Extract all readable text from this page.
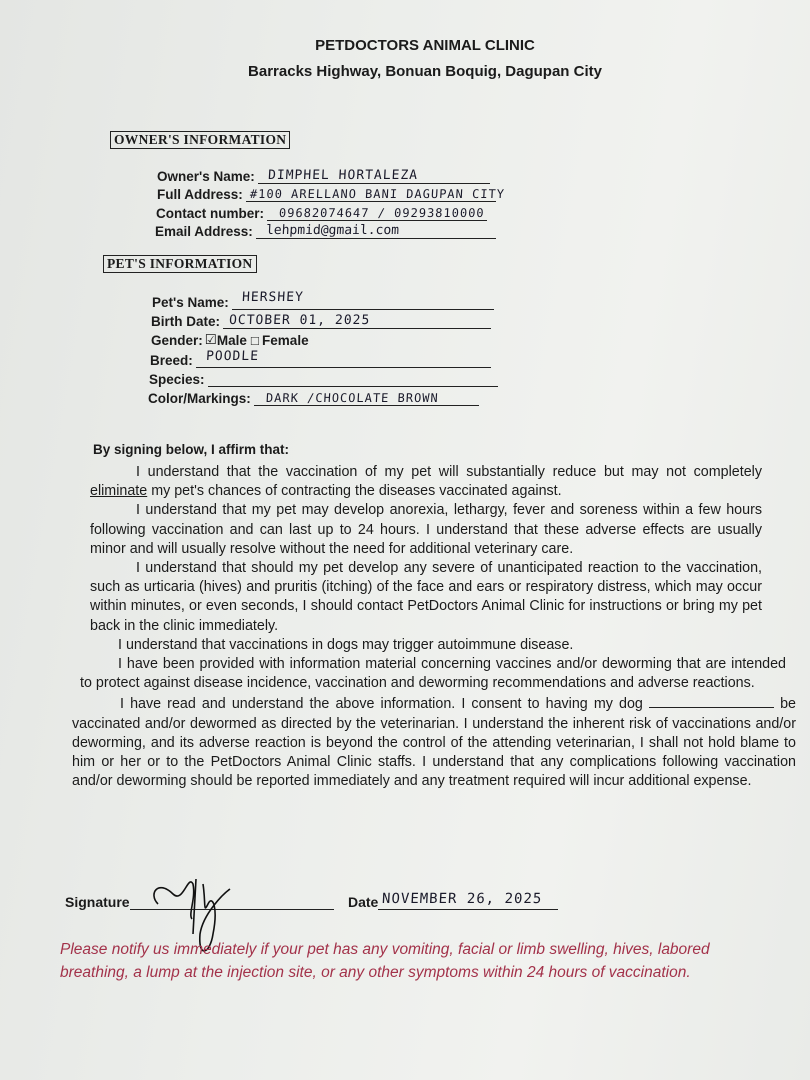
PETDOCTORS ANIMAL CLINIC
Barracks Highway, Bonuan Boquig, Dagupan City
OWNER'S INFORMATION
Owner's Name: DIMPHEL HORTALEZA
Full Address: #100 ARELLANO BANI DAGUPAN CITY
Contact number: 09682074647 / 09293810000
Email Address: lehpmid@gmail.com
PET'S INFORMATION
Pet's Name: HERSHEY
Birth Date: OCTOBER 01, 2025
Gender: ☑ Male □ Female
Breed: POODLE
Species:
Color/Markings: DARK /CHOCOLATE BROWN
By signing below, I affirm that:

I understand that the vaccination of my pet will substantially reduce but may not completely eliminate my pet's chances of contracting the diseases vaccinated against.

I understand that my pet may develop anorexia, lethargy, fever and soreness within a few hours following vaccination and can last up to 24 hours. I understand that these adverse effects are usually minor and will usually resolve without the need for additional veterinary care.

I understand that should my pet develop any severe of unanticipated reaction to the vaccination, such as urticaria (hives) and pruritis (itching) of the face and ears or respiratory distress, which may occur within minutes, or even seconds, I should contact PetDoctors Animal Clinic for instructions or bring my pet back in the clinic immediately.

I understand that vaccinations in dogs may trigger autoimmune disease.

I have been provided with information material concerning vaccines and/or deworming that are intended to protect against disease incidence, vaccination and deworming recommendations and adverse reactions.

I have read and understand the above information. I consent to having my dog	be vaccinated and/or dewormed as directed by the veterinarian. I understand the inherent risk of vaccinations and/or deworming, and its adverse reaction is beyond the control of the attending veterinarian, I shall not hold blame to him or her or to the PetDoctors Animal Clinic staffs. I understand that any complications following vaccination and/or deworming should be reported immediately and any treatment required will incur additional expense.

Signature	Date NOVEMBER 26, 2025
Please notify us immediately if your pet has any vomiting, facial or limb swelling, hives, labored breathing, a lump at the injection site, or any other symptoms within 24 hours of vaccination.
